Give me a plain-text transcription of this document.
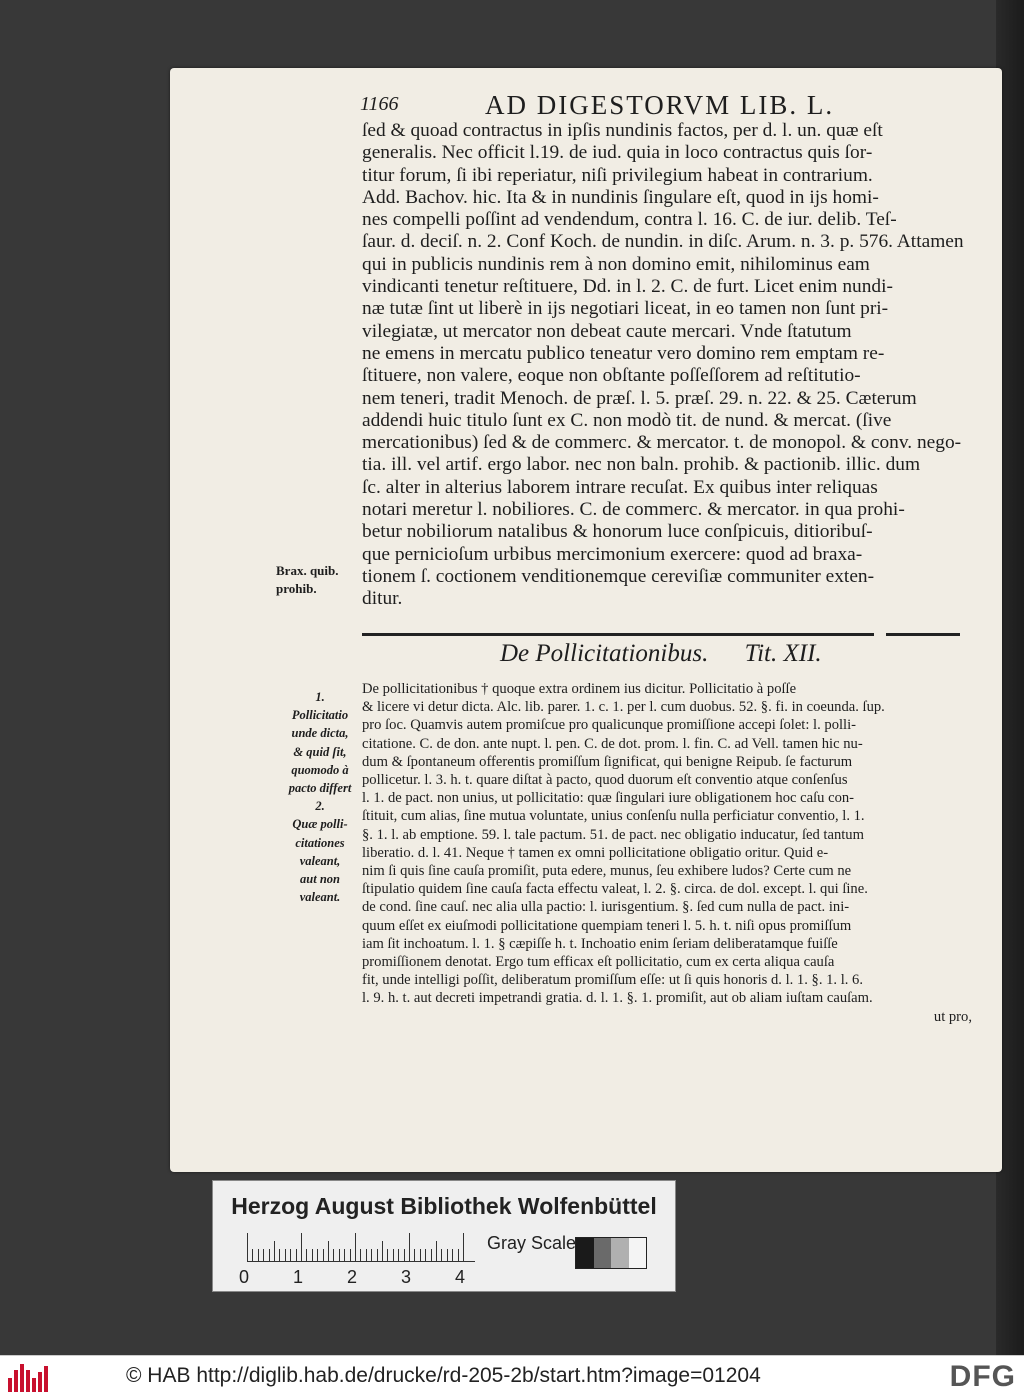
1166	AD DIGESTORVM LIB. L.
ſed & quoad contractus in ipſis nundinis factos, per d. l. un. quæ eſt
generalis. Nec officit l.19. de iud. quia in loco contractus quis ſor-
titur forum, ſi ibi reperiatur, niſi privilegium habeat in contrarium.
Add. Bachov. hic. Ita & in nundinis ſingulare eſt, quod in ijs homi-
nes compelli poſſint ad vendendum, contra l. 16. C. de iur. delib. Teſ-
ſaur. d. deciſ. n. 2. Conf Koch. de nundin. in diſc. Arum. n. 3. p. 576. Attamen
qui in publicis nundinis rem à non domino emit, nihilominus eam
vindicanti tenetur reſtituere, Dd. in l. 2. C. de furt. Licet enim nundi-
næ tutæ ſint ut liberè in ijs negotiari liceat, in eo tamen non ſunt pri-
vilegiatæ, ut mercator non debeat caute mercari. Vnde ſtatutum
ne emens in mercatu publico teneatur vero domino rem emptam re-
ſtituere, non valere, eoque non obſtante poſſeſſorem ad reſtitutio-
nem teneri, tradit Menoch. de præſ. l. 5. præſ. 29. n. 22. & 25. Cæterum
addendi huic titulo ſunt ex C. non modò tit. de nund. & mercat. (ſive
mercationibus) ſed & de commerc. & mercator. t. de monopol. & conv. nego-
tia. ill. vel artif. ergo labor. nec non baln. prohib. & pactionib. illic. dum
ſc. alter in alterius laborem intrare recuſat. Ex quibus inter reliquas
notari meretur l. nobiliores. C. de commerc. & mercator. in qua prohi-
betur nobiliorum natalibus & honorum luce conſpicuis, ditioribuſ-
que pernicioſum urbibus mercimonium exercere: quod ad braxa-
tionem ſ. coctionem venditionemque cereviſiæ communiter exten-
ditur.
Brax. quib.
prohib.
De Pollicitationibus. Tit. XII.
1.
Pollicitatio
unde dicta,
& quid ſit,
quomodo à
pacto differt
2.
Quæ polli-
citationes
valeant,
aut non
valeant.
De pollicitationibus † quoque extra ordinem ius dicitur. Pollicitatio à poſſe
& licere vi detur dicta. Alc. lib. parer. 1. c. 1. per l. cum duobus. 52. §. fi. in coeunda. ſup.
pro ſoc. Quamvis autem promiſcue pro qualicunque promiſſione accepi ſolet: l. polli-
citatione. C. de don. ante nupt. l. pen. C. de dot. prom. l. fin. C. ad Vell. tamen hic nu-
dum & ſpontaneum offerentis promiſſum ſignificat, qui benigne Reipub. ſe facturum
pollicetur. l. 3. h. t. quare diſtat à pacto, quod duorum eſt conventio atque conſenſus
l. 1. de pact. non unius, ut pollicitatio: quæ ſingulari iure obligationem hoc caſu con-
ſtituit, cum alias, ſine mutua voluntate, unius conſenſu nulla perficiatur conventio, l. 1.
§. 1. l. ab emptione. 59. l. tale pactum. 51. de pact. nec obligatio inducatur, ſed tantum
liberatio. d. l. 41. Neque † tamen ex omni pollicitatione obligatio oritur. Quid e-
nim ſi quis ſine cauſa promiſit, puta edere, munus, ſeu exhibere ludos? Certe cum ne
ſtipulatio quidem ſine cauſa facta effectu valeat, l. 2. §. circa. de dol. except. l. qui ſine.
de cond. ſine cauſ. nec alia ulla pactio: l. iurisgentium. §. ſed cum nulla de pact. ini-
quum eſſet ex eiuſmodi pollicitatione quempiam teneri l. 5. h. t. niſi opus promiſſum
iam ſit inchoatum. l. 1. § cæpiſſe h. t. Inchoatio enim ſeriam deliberatamque fuiſſe
promiſſionem denotat. Ergo tum efficax eſt pollicitatio, cum ex certa aliqua cauſa
fit, unde intelligi poſſit, deliberatum promiſſum eſſe: ut ſi quis honoris d. l. 1. §. 1. l. 6.
l. 9. h. t. aut decreti impetrandi gratia. d. l. 1. §. 1. promiſit, aut ob aliam iuſtam cauſam.
ut pro,
Herzog August Bibliothek Wolfenbüttel
0 1 2 3 4
Gray Scale
© HAB http://diglib.hab.de/drucke/rd-205-2b/start.htm?image=01204	DFG
